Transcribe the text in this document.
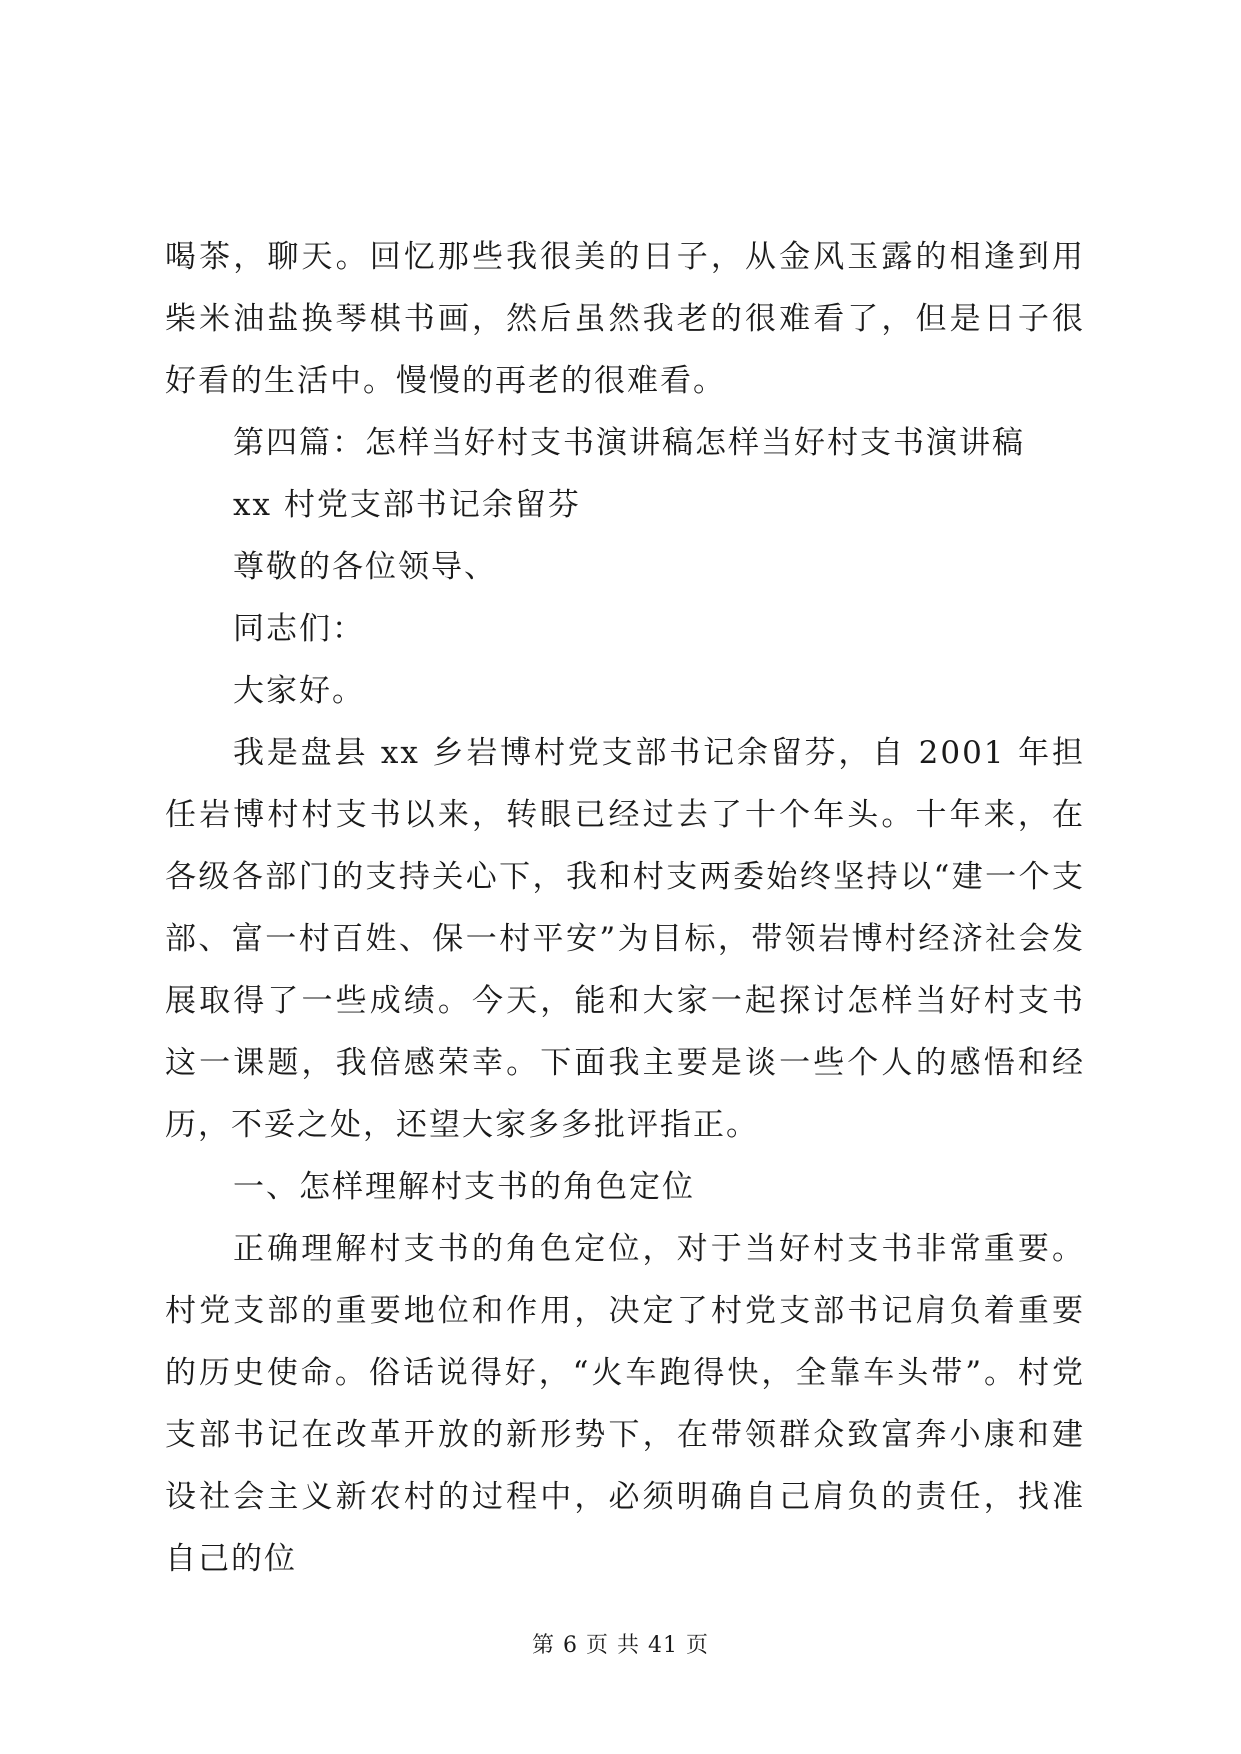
喝茶，聊天。回忆那些我很美的日子，从金风玉露的相逢到用柴米油盐换琴棋书画，然后虽然我老的很难看了，但是日子很好看的生活中。慢慢的再老的很难看。

第四篇：怎样当好村支书演讲稿怎样当好村支书演讲稿

xx 村党支部书记余留芬

尊敬的各位领导、

同志们：

大家好。

我是盘县 xx 乡岩博村党支部书记余留芬，自 2001 年担任岩博村村支书以来，转眼已经过去了十个年头。十年来，在各级各部门的支持关心下，我和村支两委始终坚持以“建一个支部、富一村百姓、保一村平安”为目标，带领岩博村经济社会发展取得了一些成绩。今天，能和大家一起探讨怎样当好村支书这一课题，我倍感荣幸。下面我主要是谈一些个人的感悟和经历，不妥之处，还望大家多多批评指正。

一、怎样理解村支书的角色定位

正确理解村支书的角色定位，对于当好村支书非常重要。村党支部的重要地位和作用，决定了村党支部书记肩负着重要的历史使命。俗话说得好，“火车跑得快，全靠车头带”。村党支部书记在改革开放的新形势下，在带领群众致富奔小康和建设社会主义新农村的过程中，必须明确自己肩负的责任，找准自己的位

第 6 页 共 41 页
